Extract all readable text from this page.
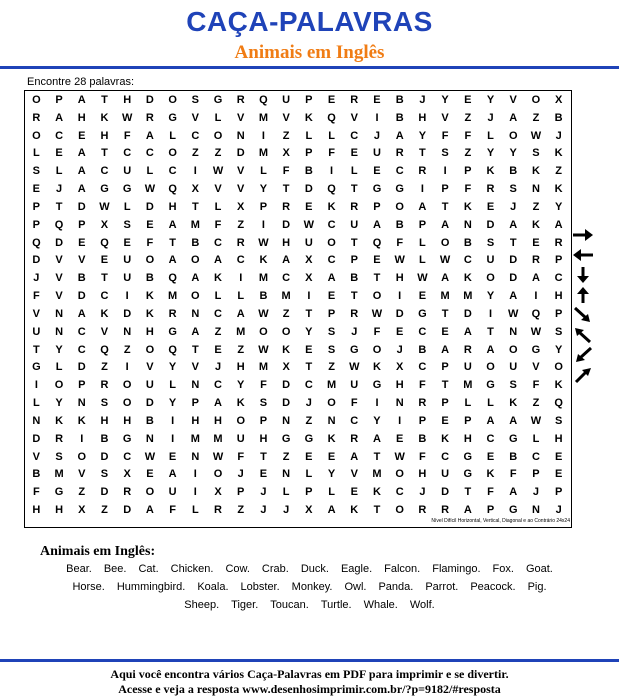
CAÇA-PALAVRAS
Animais em Inglês
Encontre 28 palavras:
O	P	A	T	H	D	O	S	G	R	Q	U	P	E	R	E	B	J	Y	E	Y	V	O	X
R	A	H	K	W	R	G	V	L	V	M	V	K	Q	V	I	B	H	V	Z	J	A	Z	B
O	C	E	H	F	A	L	C	O	N	I	Z	L	L	C	J	A	Y	F	F	L	O	W	J
L	E	A	T	C	C	O	Z	Z	D	M	X	P	F	E	U	R	T	S	Z	Y	Y	S	K
S	L	A	C	U	L	C	I	W	V	L	F	B	I	L	E	C	R	I	P	K	B	K	Z
E	J	A	G	G	W	Q	X	V	V	Y	T	D	Q	T	G	G	I	P	F	R	S	N	K
P	T	D	W	L	D	H	T	L	X	P	R	E	K	R	P	O	A	T	K	E	J	Z	Y
P	Q	P	X	S	E	A	M	F	Z	I	D	W	C	U	A	B	P	A	N	D	A	K	A
Q	D	E	Q	E	F	T	B	C	R	W	H	U	O	T	Q	F	L	O	B	S	T	E	R
D	V	V	E	U	O	A	O	A	C	K	A	X	C	P	E	W	L	W	C	U	D	R	P
J	V	B	T	U	B	Q	A	K	I	M	C	X	A	B	T	H	W	A	K	O	D	A	C
F	V	D	C	I	K	M	O	L	L	B	M	I	E	T	O	I	E	M	M	Y	A	I	H
V	N	A	K	D	K	R	N	C	A	W	Z	T	P	R	W	D	G	T	D	I	W	Q	P
U	N	C	V	N	H	G	A	Z	M	O	O	Y	S	J	F	E	C	E	A	T	N	W	S
T	Y	C	Q	Z	O	Q	T	E	Z	W	K	E	S	G	O	J	B	A	R	A	O	G	Y
G	L	D	Z	I	V	Y	V	J	H	M	X	T	Z	W	K	X	C	P	U	O	U	V	O
I	O	P	R	O	U	L	N	C	Y	F	D	C	M	U	G	H	F	T	M	G	S	F	K
L	Y	N	S	O	D	Y	P	A	K	S	D	J	O	F	I	N	R	P	L	L	K	Z	Q
N	K	K	H	H	B	I	H	H	O	P	N	Z	N	C	Y	I	P	E	P	A	A	W	S
D	R	I	B	G	N	I	M	M	U	H	G	G	K	R	A	E	B	K	H	C	G	L	H
V	S	O	D	C	W	E	N	W	F	T	Z	E	E	A	T	W	F	C	G	E	B	C	E
B	M	V	S	X	E	A	I	O	J	E	N	L	Y	V	M	O	H	U	G	K	F	P	E
F	G	Z	D	R	O	U	I	X	P	J	L	P	L	E	K	C	J	D	T	F	A	J	P
H	H	X	Z	D	A	F	L	R	Z	J	J	X	A	K	T	O	R	R	A	P	G	N	J
Nível Difícil Horizontal, Vertical, Diagonal e ao Contrário 24x24
Animais em Inglês:
Bear. Bee. Cat. Chicken. Cow. Crab. Duck. Eagle. Falcon. Flamingo. Fox. Goat.
Horse. Hummingbird. Koala. Lobster. Monkey. Owl. Panda. Parrot. Peacock. Pig.
Sheep. Tiger. Toucan. Turtle. Whale. Wolf.
Aqui você encontra vários Caça-Palavras em PDF para imprimir e se divertir.
Acesse e veja a resposta www.desenhosimprimir.com.br/?p=9182/#resposta
